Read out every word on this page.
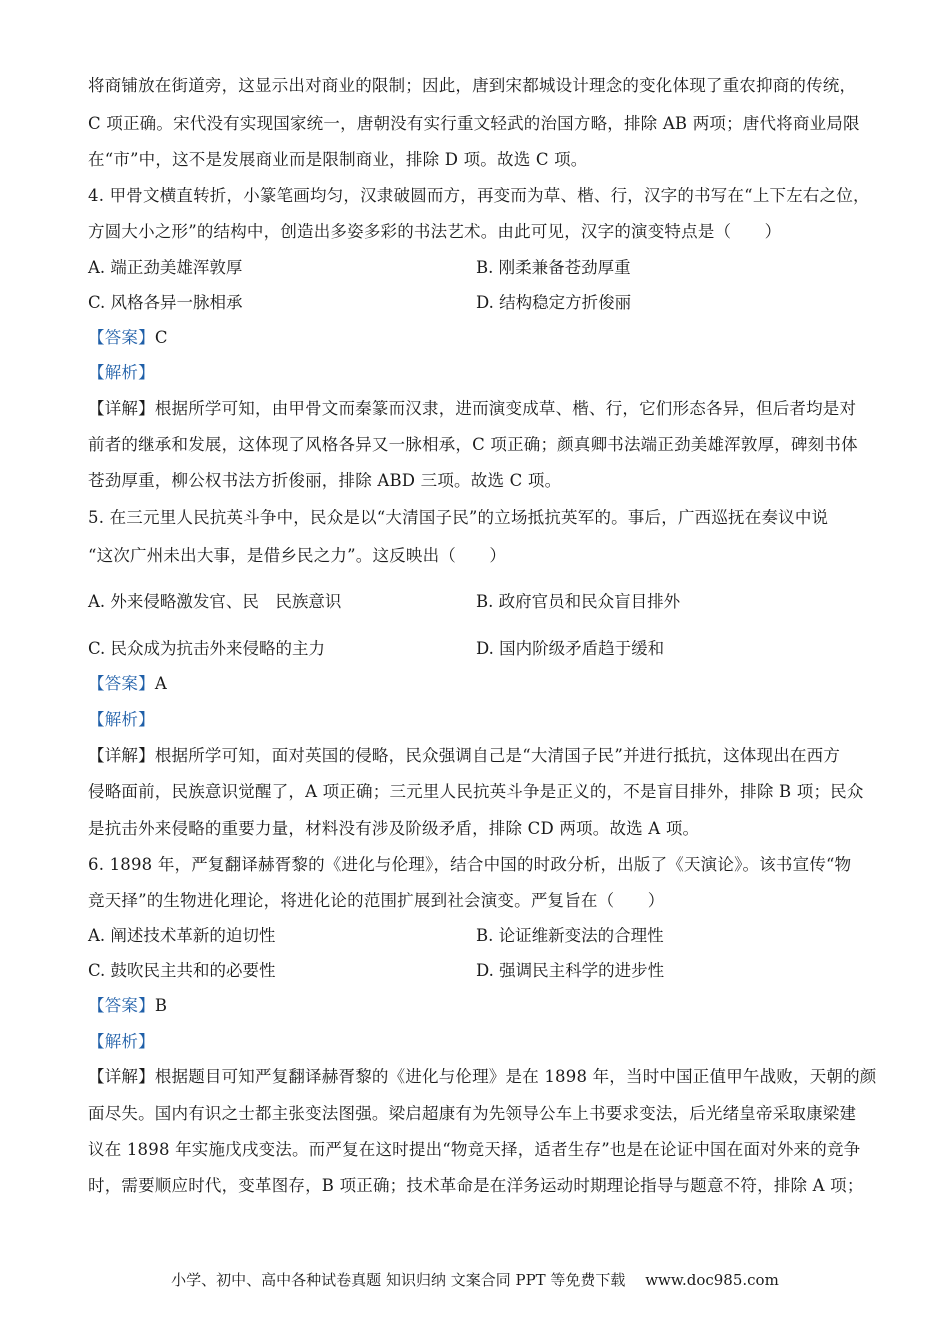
将商铺放在街道旁，这显示出对商业的限制；因此，唐到宋都城设计理念的变化体现了重农抑商的传统，
C 项正确。宋代没有实现国家统一，唐朝没有实行重文轻武的治国方略，排除 AB 两项；唐代将商业局限
在“市”中，这不是发展商业而是限制商业，排除 D 项。故选 C 项。
4. 甲骨文横直转折，小篆笔画均匀，汉隶破圆而方，再变而为草、楷、行，汉字的书写在“上下左右之位，
方圆大小之形”的结构中，创造出多姿多彩的书法艺术。由此可见，汉字的演变特点是（　　）
A. 端正劲美雄浑敦厚	B. 刚柔兼备苍劲厚重
C. 风格各异一脉相承	D. 结构稳定方折俊丽
【答案】C
【解析】
【详解】根据所学可知，由甲骨文而秦篆而汉隶，进而演变成草、楷、行，它们形态各异，但后者均是对
前者的继承和发展，这体现了风格各异又一脉相承，C 项正确；颜真卿书法端正劲美雄浑敦厚，碑刻书体
苍劲厚重，柳公权书法方折俊丽，排除 ABD 三项。故选 C 项。
5. 在三元里人民抗英斗争中，民众是以“大清国子民”的立场抵抗英军的。事后，广西巡抚在奏议中说
“这次广州未出大事，是借乡民之力”。这反映出（　　）
A. 外来侵略激发官、民　民族意识	B. 政府官员和民众盲目排外
C. 民众成为抗击外来侵略的主力	D. 国内阶级矛盾趋于缓和
【答案】A
【解析】
【详解】根据所学可知，面对英国的侵略，民众强调自己是“大清国子民”并进行抵抗，这体现出在西方
侵略面前，民族意识觉醒了，A 项正确；三元里人民抗英斗争是正义的，不是盲目排外，排除 B 项；民众
是抗击外来侵略的重要力量，材料没有涉及阶级矛盾，排除 CD 两项。故选 A 项。
6. 1898 年，严复翻译赫胥黎的《进化与伦理》，结合中国的时政分析，出版了《天演论》。该书宣传“物
竞天择”的生物进化理论，将进化论的范围扩展到社会演变。严复旨在（　　）
A. 阐述技术革新的迫切性	B. 论证维新变法的合理性
C. 鼓吹民主共和的必要性	D. 强调民主科学的进步性
【答案】B
【解析】
【详解】根据题目可知严复翻译赫胥黎的《进化与伦理》是在 1898 年，当时中国正值甲午战败，天朝的颜
面尽失。国内有识之士都主张变法图强。梁启超康有为先领导公车上书要求变法，后光绪皇帝采取康梁建
议在 1898 年实施戊戌变法。而严复在这时提出“物竞天择，适者生存”也是在论证中国在面对外来的竞争
时，需要顺应时代，变革图存，B 项正确；技术革命是在洋务运动时期理论指导与题意不符，排除 A 项；
小学、初中、高中各种试卷真题 知识归纳 文案合同 PPT 等免费下载　 www.doc985.com
